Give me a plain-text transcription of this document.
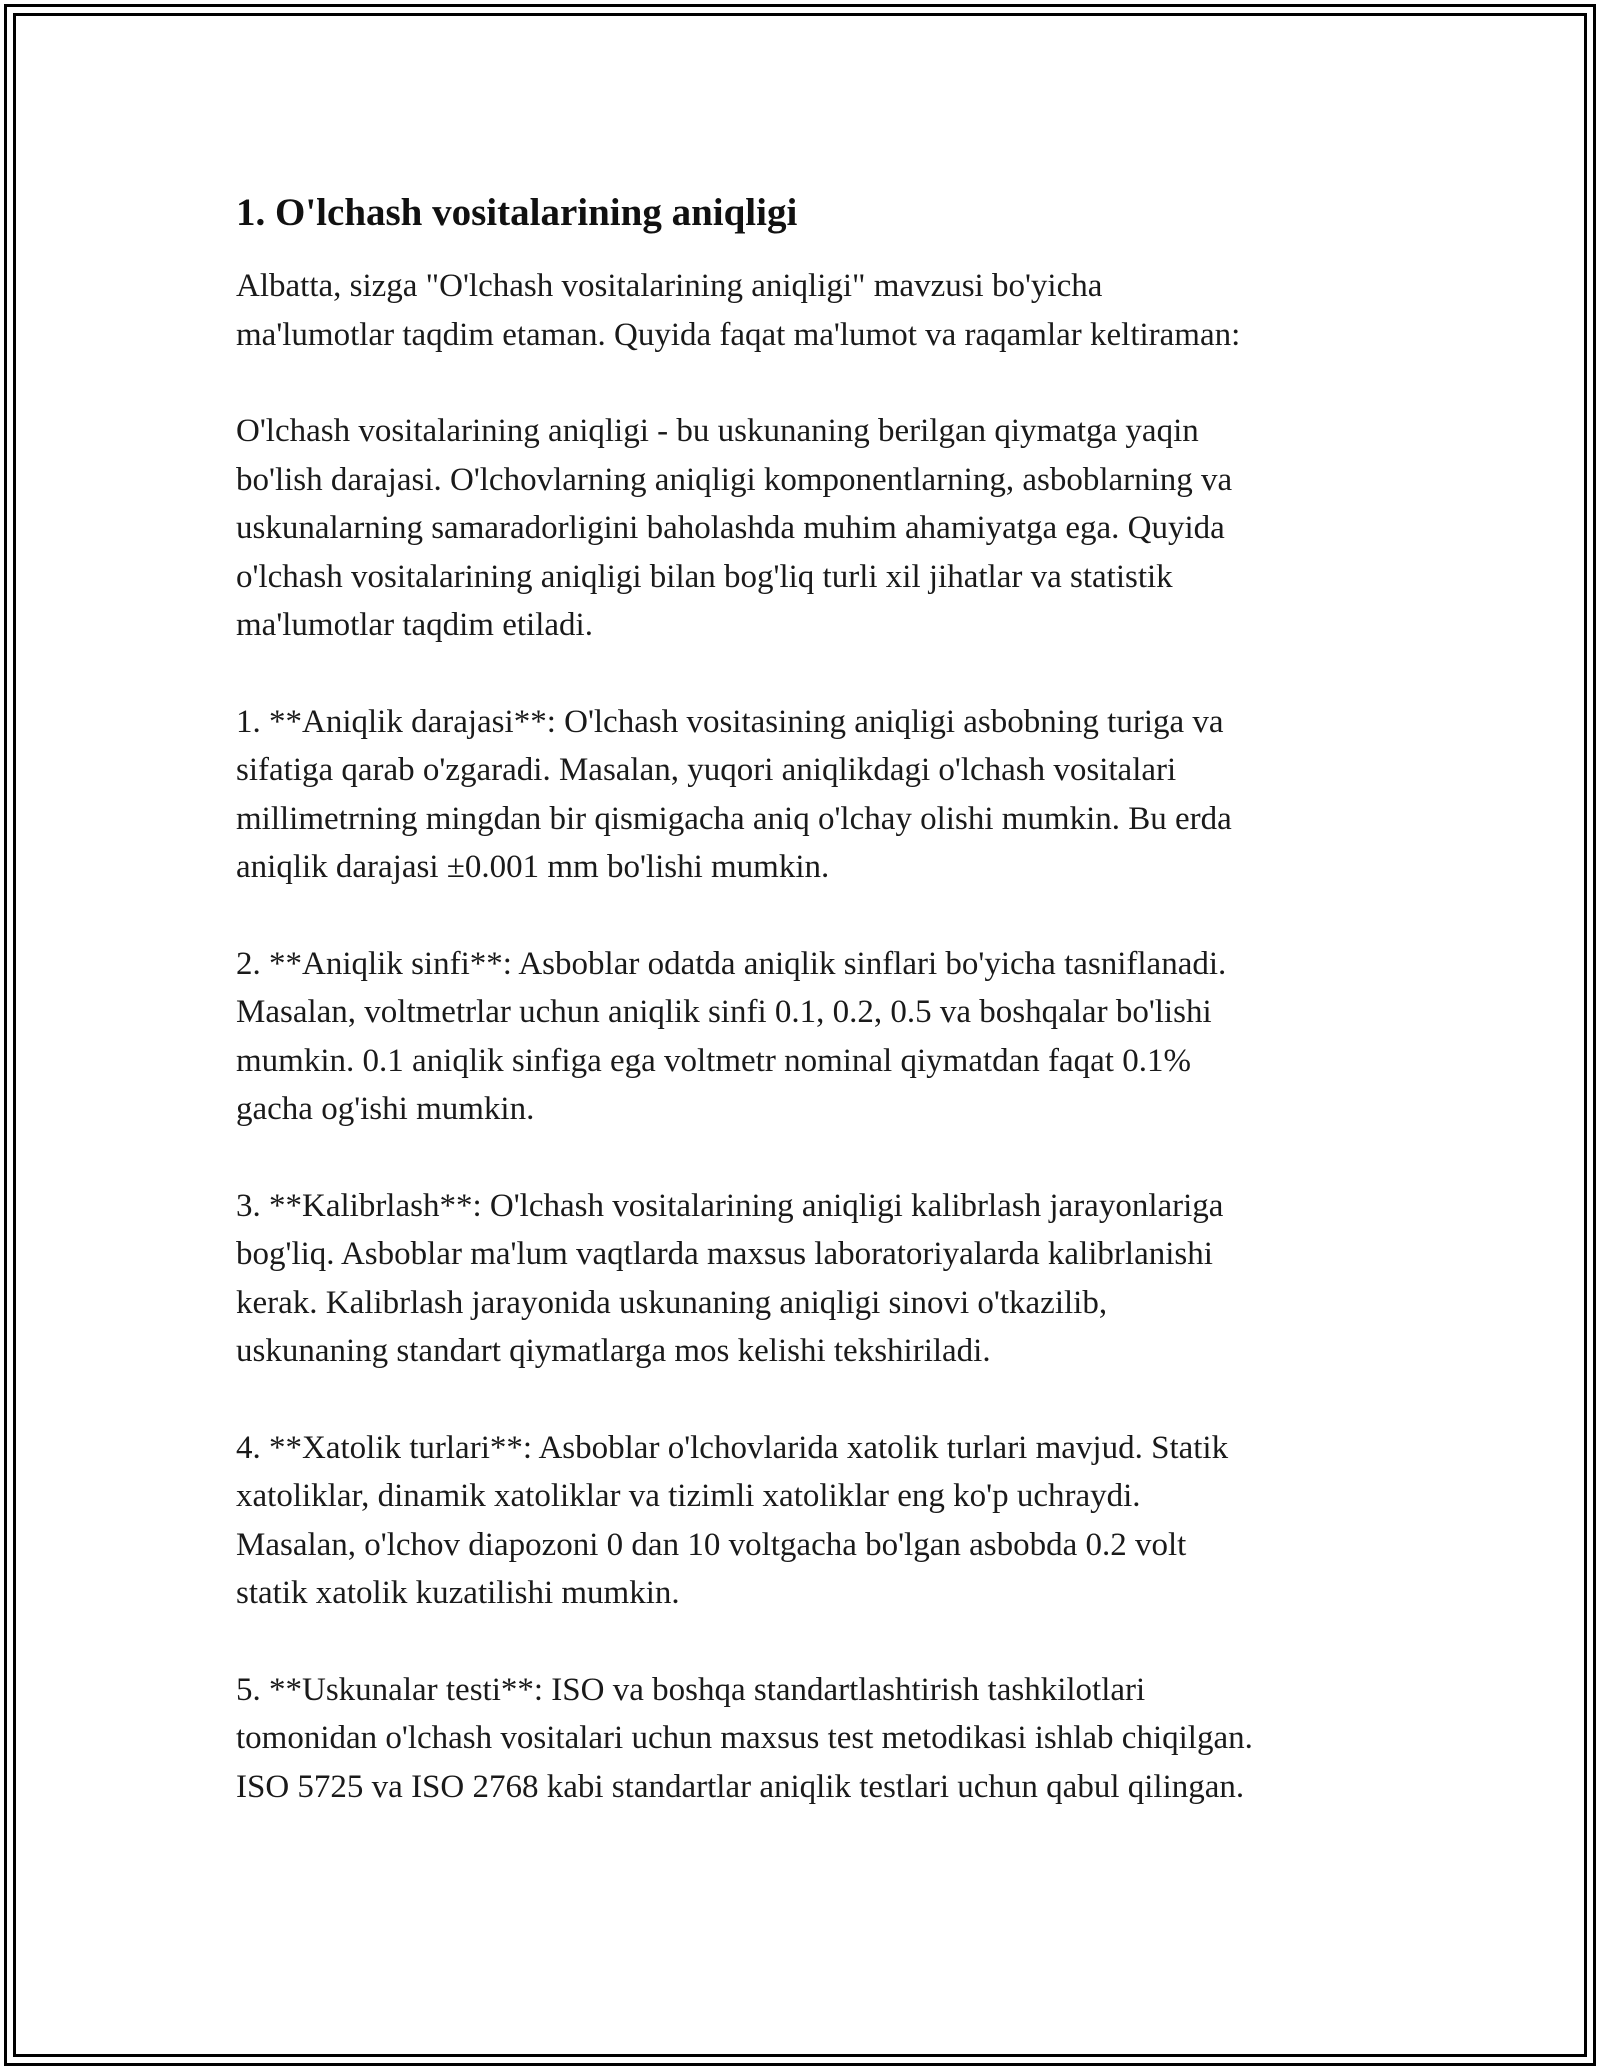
1. O'lchash vositalarining aniqligi

Albatta, sizga "O'lchash vositalarining aniqligi" mavzusi bo'yicha
ma'lumotlar taqdim etaman. Quyida faqat ma'lumot va raqamlar keltiraman:

O'lchash vositalarining aniqligi - bu uskunaning berilgan qiymatga yaqin
bo'lish darajasi. O'lchovlarning aniqligi komponentlarning, asboblarning va
uskunalarning samaradorligini baholashda muhim ahamiyatga ega. Quyida
o'lchash vositalarining aniqligi bilan bog'liq turli xil jihatlar va statistik
ma'lumotlar taqdim etiladi.

1. **Aniqlik darajasi**: O'lchash vositasining aniqligi asbobning turiga va
sifatiga qarab o'zgaradi. Masalan, yuqori aniqlikdagi o'lchash vositalari
millimetrning mingdan bir qismigacha aniq o'lchay olishi mumkin. Bu erda
aniqlik darajasi ±0.001 mm bo'lishi mumkin.

2. **Aniqlik sinfi**: Asboblar odatda aniqlik sinflari bo'yicha tasniflanadi.
Masalan, voltmetrlar uchun aniqlik sinfi 0.1, 0.2, 0.5 va boshqalar bo'lishi
mumkin. 0.1 aniqlik sinfiga ega voltmetr nominal qiymatdan faqat 0.1%
gacha og'ishi mumkin.

3. **Kalibrlash**: O'lchash vositalarining aniqligi kalibrlash jarayonlariga
bog'liq. Asboblar ma'lum vaqtlarda maxsus laboratoriyalarda kalibrlanishi
kerak. Kalibrlash jarayonida uskunaning aniqligi sinovi o'tkazilib,
uskunaning standart qiymatlarga mos kelishi tekshiriladi.

4. **Xatolik turlari**: Asboblar o'lchovlarida xatolik turlari mavjud. Statik
xatoliklar, dinamik xatoliklar va tizimli xatoliklar eng ko'p uchraydi.
Masalan, o'lchov diapozoni 0 dan 10 voltgacha bo'lgan asbobda 0.2 volt
statik xatolik kuzatilishi mumkin.

5. **Uskunalar testi**: ISO va boshqa standartlashtirish tashkilotlari
tomonidan o'lchash vositalari uchun maxsus test metodikasi ishlab chiqilgan.
ISO 5725 va ISO 2768 kabi standartlar aniqlik testlari uchun qabul qilingan.
